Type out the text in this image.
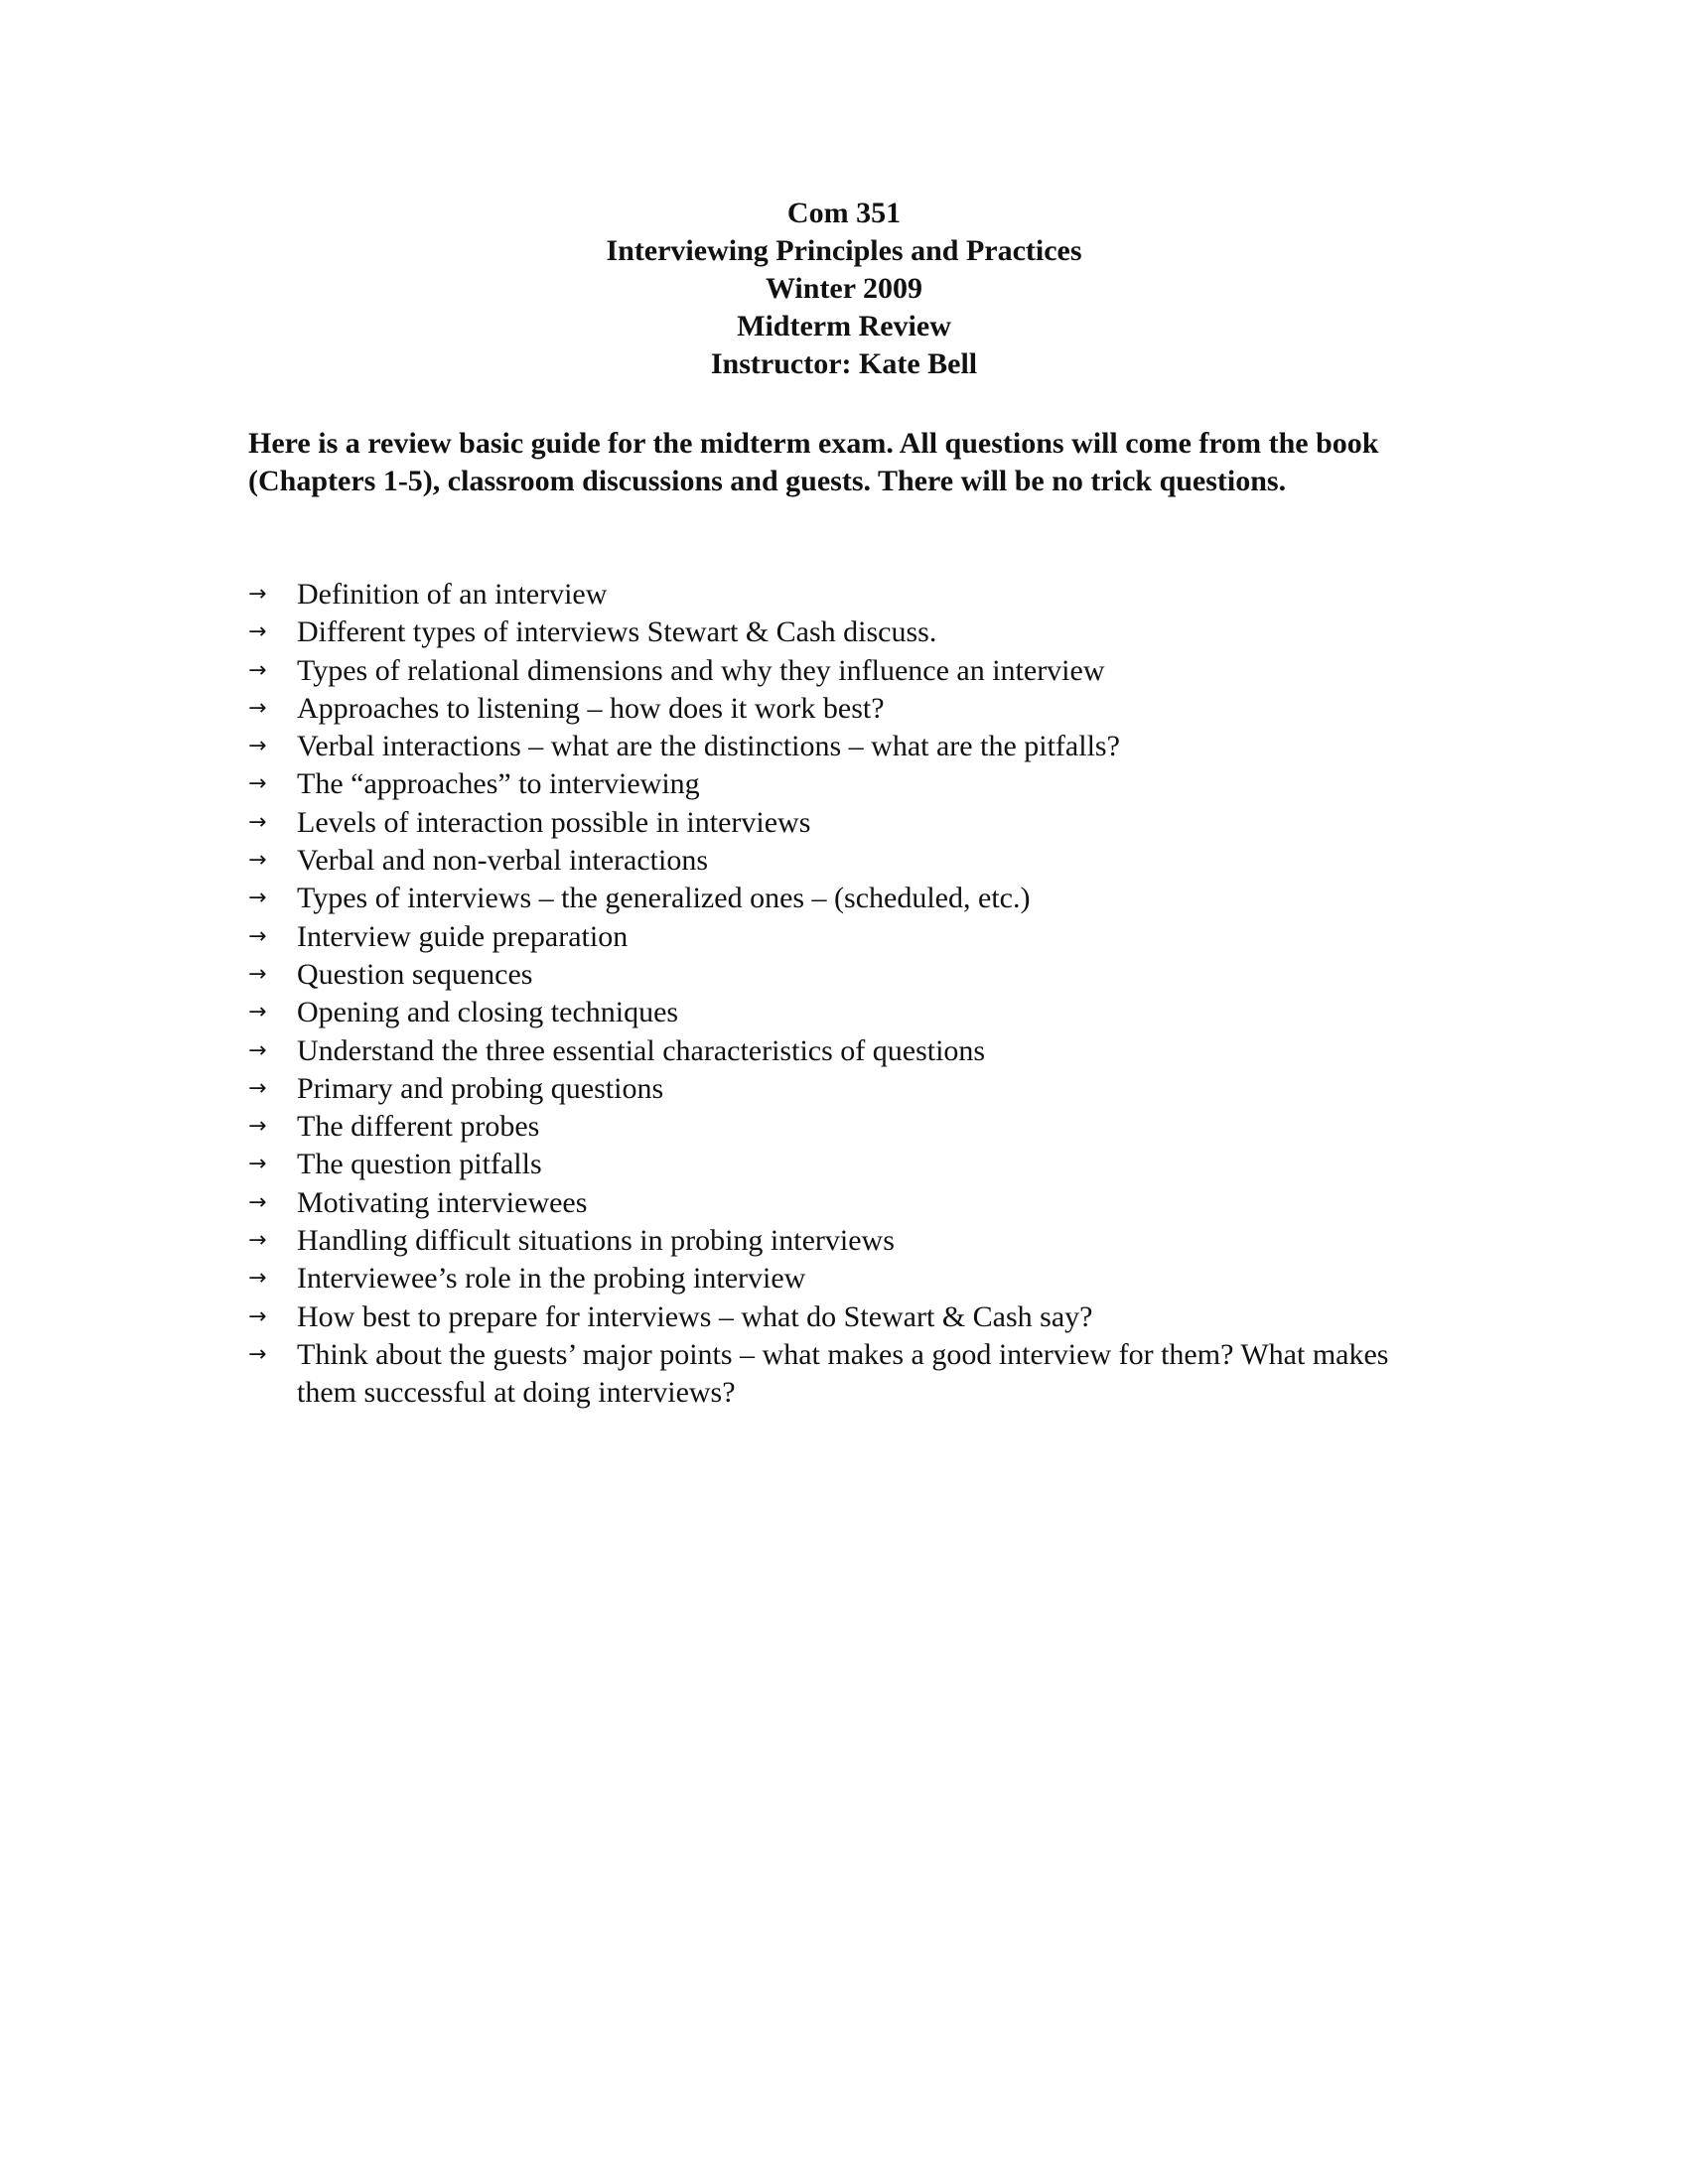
Com 351
Interviewing Principles and Practices
Winter 2009
Midterm Review
Instructor: Kate Bell
Here is a review basic guide for the midterm exam. All questions will come from the book (Chapters 1-5), classroom discussions and guests. There will be no trick questions.
→ Definition of an interview
→ Different types of interviews Stewart & Cash discuss.
→ Types of relational dimensions and why they influence an interview
→ Approaches to listening – how does it work best?
→ Verbal interactions – what are the distinctions – what are the pitfalls?
→ The “approaches” to interviewing
→ Levels of interaction possible in interviews
→ Verbal and non-verbal interactions
→ Types of interviews – the generalized ones – (scheduled, etc.)
→ Interview guide preparation
→ Question sequences
→ Opening and closing techniques
→ Understand the three essential characteristics of questions
→ Primary and probing questions
→ The different probes
→ The question pitfalls
→ Motivating interviewees
→ Handling difficult situations in probing interviews
→ Interviewee’s role in the probing interview
→ How best to prepare for interviews – what do Stewart & Cash say?
→ Think about the guests’ major points – what makes a good interview for them? What makes them successful at doing interviews?
